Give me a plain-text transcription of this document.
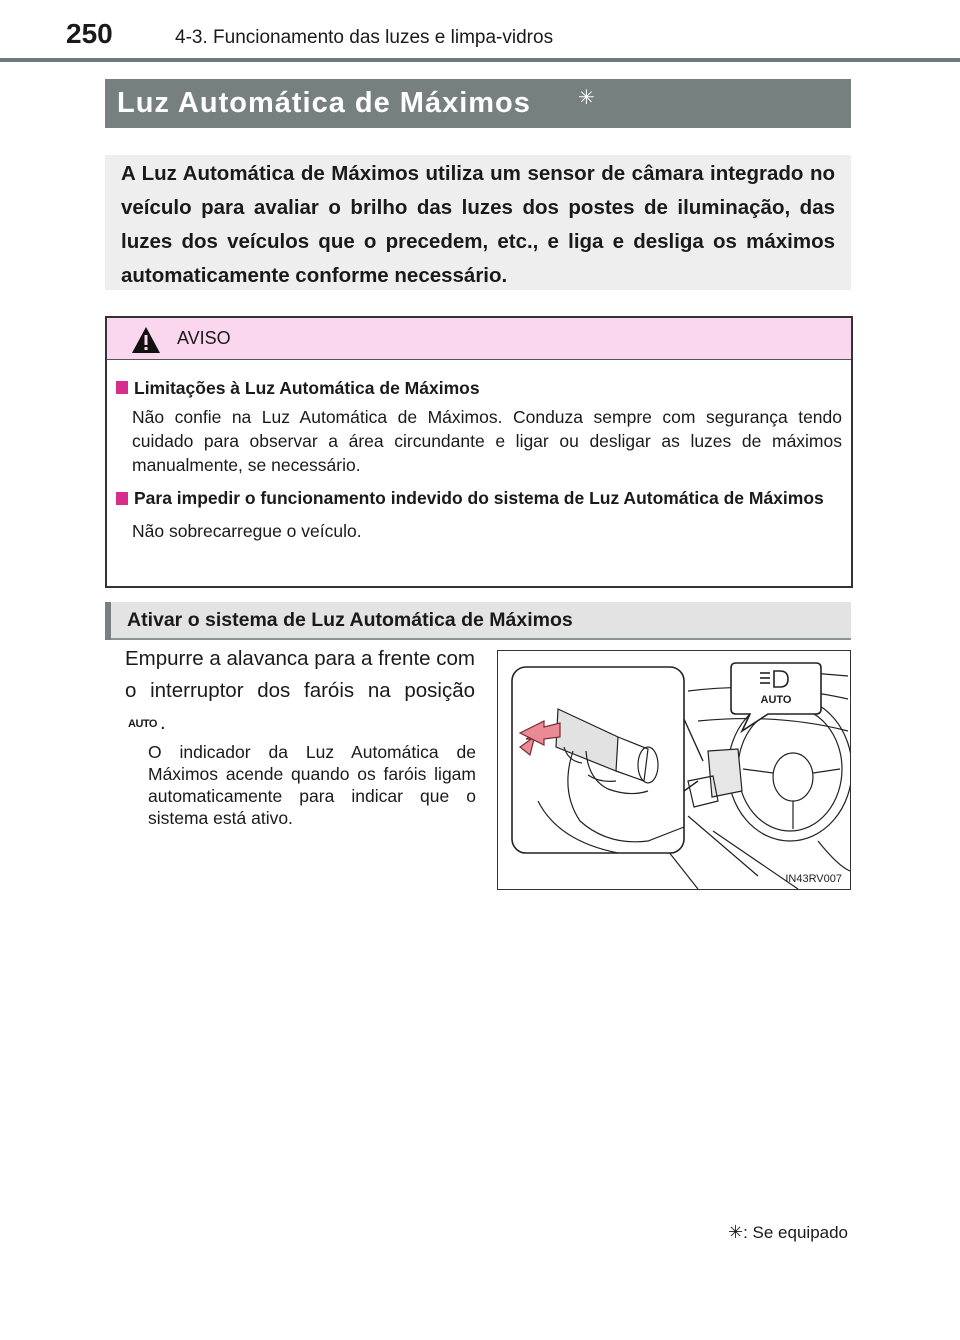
250	4-3. Funcionamento das luzes e limpa-vidros
Luz Automática de Máximos ✳
A Luz Automática de Máximos utiliza um sensor de câmara integrado no veículo para avaliar o brilho das luzes dos postes de iluminação, das luzes dos veículos que o precedem, etc., e liga e desliga os máximos automaticamente conforme necessário.
AVISO
Limitações à Luz Automática de Máximos
Não confie na Luz Automática de Máximos. Conduza sempre com segurança tendo cuidado para observar a área circundante e ligar ou desligar as luzes de máximos manualmente, se necessário.
Para impedir o funcionamento indevido do sistema de Luz Automática de Máximos
Não sobrecarregue o veículo.
Ativar o sistema de Luz Automática de Máximos
Empurre a alavanca para a frente com o interruptor dos faróis na posição AUTO .
O indicador da Luz Automática de Máximos acende quando os faróis ligam automaticamente para indicar que o sistema está ativo.
AUTO
IN43RV007
✳: Se equipado
